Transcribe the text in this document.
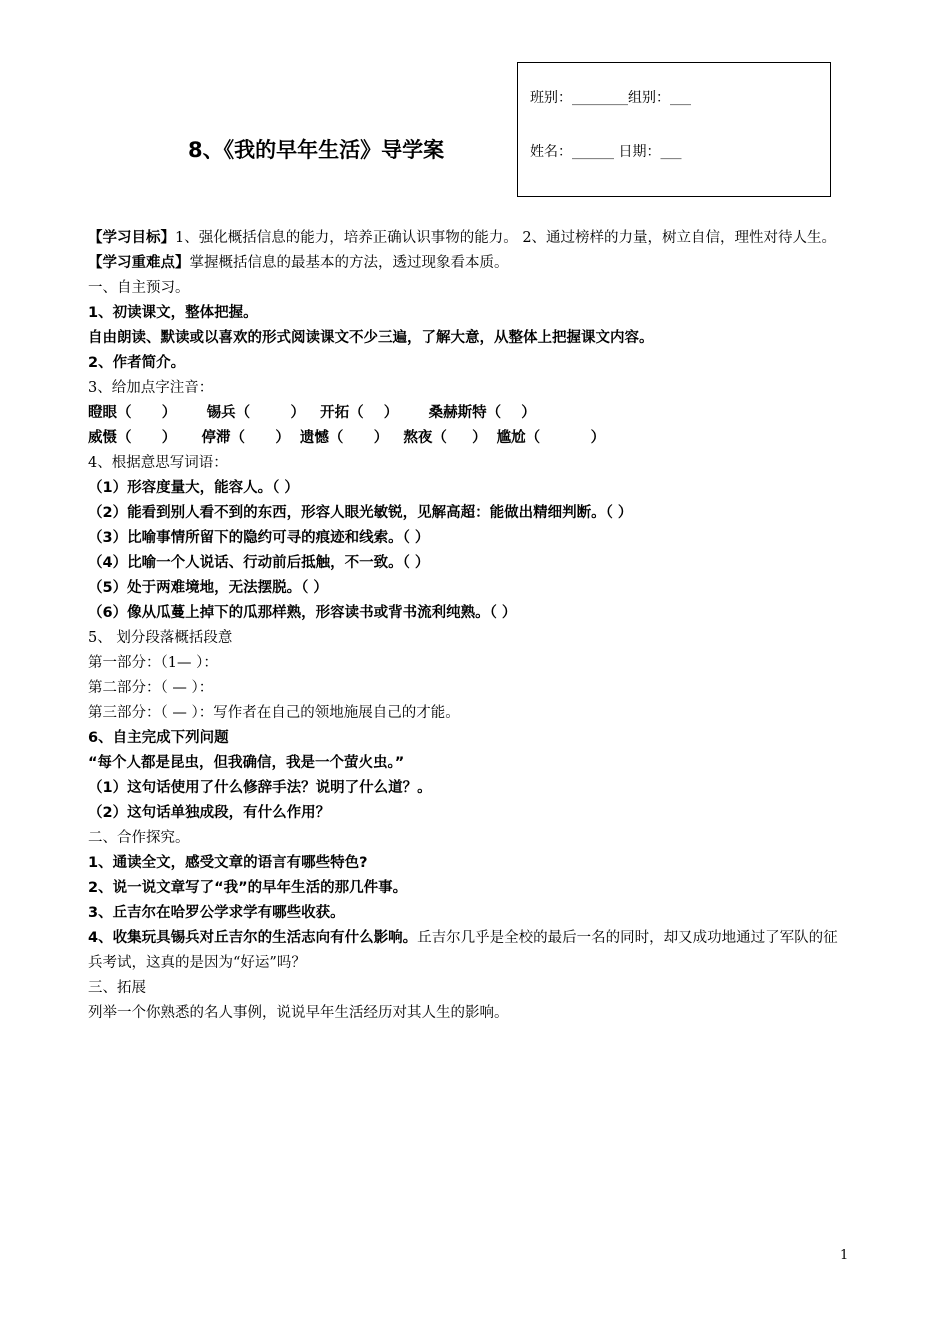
8、《我的早年生活》导学案
班别：________组别：___
姓名：______ 日期：___
【学习目标】1、强化概括信息的能力，培养正确认识事物的能力。 2、通过榜样的力量，树立自信，理性对待人生。
【学习重难点】掌握概括信息的最基本的方法，透过现象看本质。
一、自主预习。
1、初读课文，整体把握。
自由朗读、默读或以喜欢的形式阅读课文不少三遍，了解大意，从整体上把握课文内容。
2、作者简介。
3、给加点字注音：
瞪眼（      ）      锡兵（        ）   开拓（    ）      桑赫斯特（    ）
威慑（      ）     停滞（      ）  遗憾（      ）   熬夜（     ）  尴尬（          ）
4、根据意思写词语：
（1）形容度量大，能容人。（ ）
（2）能看到别人看不到的东西，形容人眼光敏锐，见解高超：能做出精细判断。（ ）
（3）比喻事情所留下的隐约可寻的痕迹和线索。（ ）
（4）比喻一个人说话、行动前后抵触，不一致。（ ）
（5）处于两难境地，无法摆脱。（ ）
（6）像从瓜蔓上掉下的瓜那样熟，形容读书或背书流利纯熟。（ ）
5、 划分段落概括段意
第一部分：（1— ）：
第二部分：（ — ）：
第三部分：（ — ）：写作者在自己的领地施展自己的才能。
6、自主完成下列问题
“每个人都是昆虫，但我确信，我是一个萤火虫。”
（1）这句话使用了什么修辞手法？说明了什么道？。
（2）这句话单独成段，有什么作用？
二、合作探究。
1、通读全文，感受文章的语言有哪些特色?
2、说一说文章写了“我”的早年生活的那几件事。
3、丘吉尔在哈罗公学求学有哪些收获。
4、收集玩具锡兵对丘吉尔的生活志向有什么影响。丘吉尔几乎是全校的最后一名的同时，却又成功地通过了军队的征兵考试，这真的是因为“好运”吗？
三、拓展
列举一个你熟悉的名人事例，说说早年生活经历对其人生的影响。
1
